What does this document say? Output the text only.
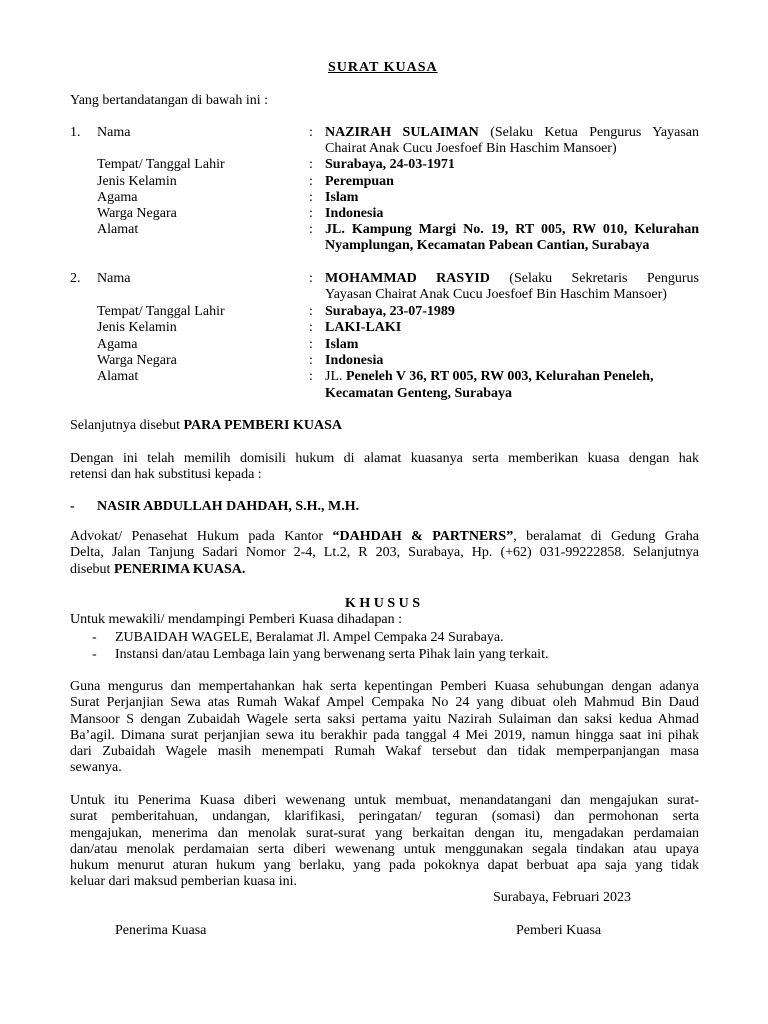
SURAT KUASA
Yang bertandatangan di bawah ini :
1. Nama	: NAZIRAH SULAIMAN (Selaku Ketua Pengurus Yayasan
Chairat Anak Cucu Joesfoef Bin Haschim Mansoer)
Tempat/ Tanggal Lahir	: Surabaya, 24-03-1971
Jenis Kelamin	: Perempuan
Agama	: Islam
Warga Negara	: Indonesia
Alamat	: JL. Kampung Margi No. 19, RT 005, RW 010, Kelurahan
Nyamplungan, Kecamatan Pabean Cantian, Surabaya
2. Nama	: MOHAMMAD RASYID (Selaku Sekretaris Pengurus
Yayasan Chairat Anak Cucu Joesfoef Bin Haschim Mansoer)
Tempat/ Tanggal Lahir	: Surabaya, 23-07-1989
Jenis Kelamin	: LAKI-LAKI
Agama	: Islam
Warga Negara	: Indonesia
Alamat	: JL. Peneleh V 36, RT 005, RW 003, Kelurahan Peneleh,
Kecamatan Genteng, Surabaya
Selanjutnya disebut PARA PEMBERI KUASA
Dengan ini telah memilih domisili hukum di alamat kuasanya serta memberikan kuasa dengan hak
retensi dan hak substitusi kepada :
- NASIR ABDULLAH DAHDAH, S.H., M.H.
Advokat/ Penasehat Hukum pada Kantor “DAHDAH & PARTNERS”, beralamat di Gedung Graha
Delta, Jalan Tanjung Sadari Nomor 2-4, Lt.2, R 203, Surabaya, Hp. (+62) 031-99222858. Selanjutnya
disebut PENERIMA KUASA.
K H U S U S
Untuk mewakili/ mendampingi Pemberi Kuasa dihadapan :
- ZUBAIDAH WAGELE, Beralamat Jl. Ampel Cempaka 24 Surabaya.
- Instansi dan/atau Lembaga lain yang berwenang serta Pihak lain yang terkait.
Guna mengurus dan mempertahankan hak serta kepentingan Pemberi Kuasa sehubungan dengan adanya
Surat Perjanjian Sewa atas Rumah Wakaf Ampel Cempaka No 24 yang dibuat oleh Mahmud Bin Daud
Mansoor S dengan Zubaidah Wagele serta saksi pertama yaitu Nazirah Sulaiman dan saksi kedua Ahmad
Ba’agil. Dimana surat perjanjian sewa itu berakhir pada tanggal 4 Mei 2019, namun hingga saat ini pihak
dari Zubaidah Wagele masih menempati Rumah Wakaf tersebut dan tidak memperpanjangan masa
sewanya.
Untuk itu Penerima Kuasa diberi wewenang untuk membuat, menandatangani dan mengajukan surat-
surat pemberitahuan, undangan, klarifikasi, peringatan/ teguran (somasi) dan permohonan serta
mengajukan, menerima dan menolak surat-surat yang berkaitan dengan itu, mengadakan perdamaian
dan/atau menolak perdamaian serta diberi wewenang untuk menggunakan segala tindakan atau upaya
hukum menurut aturan hukum yang berlaku, yang pada pokoknya dapat berbuat apa saja yang tidak
keluar dari maksud pemberian kuasa ini.
Surabaya, Februari 2023
Penerima Kuasa	Pemberi Kuasa
